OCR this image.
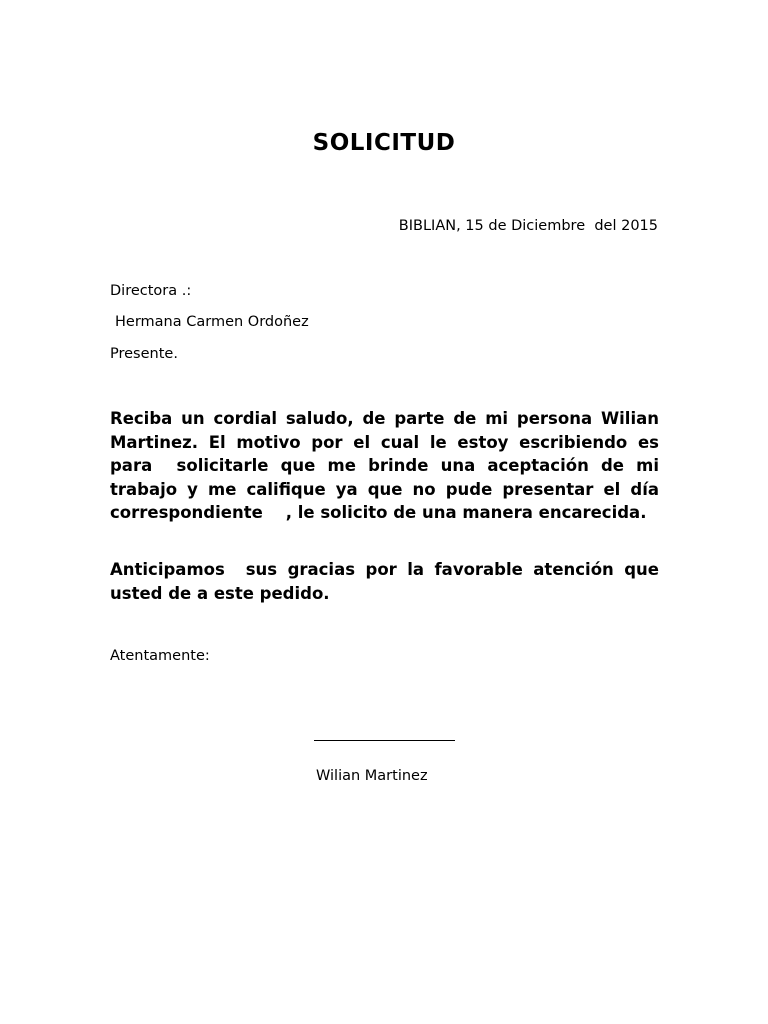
SOLICITUD
BIBLIAN, 15 de Diciembre  del 2015
Directora .:
Hermana Carmen Ordoñez
Presente.
Reciba un cordial saludo, de parte de mi persona Wilian Martinez. El motivo por el cual le estoy escribiendo es para  solicitarle que me brinde una aceptación de mi trabajo y me califique ya que no pude presentar el día correspondiente    , le solicito de una manera encarecida.
Anticipamos  sus gracias por la favorable atención que usted de a este pedido.
Atentamente:
Wilian Martinez
